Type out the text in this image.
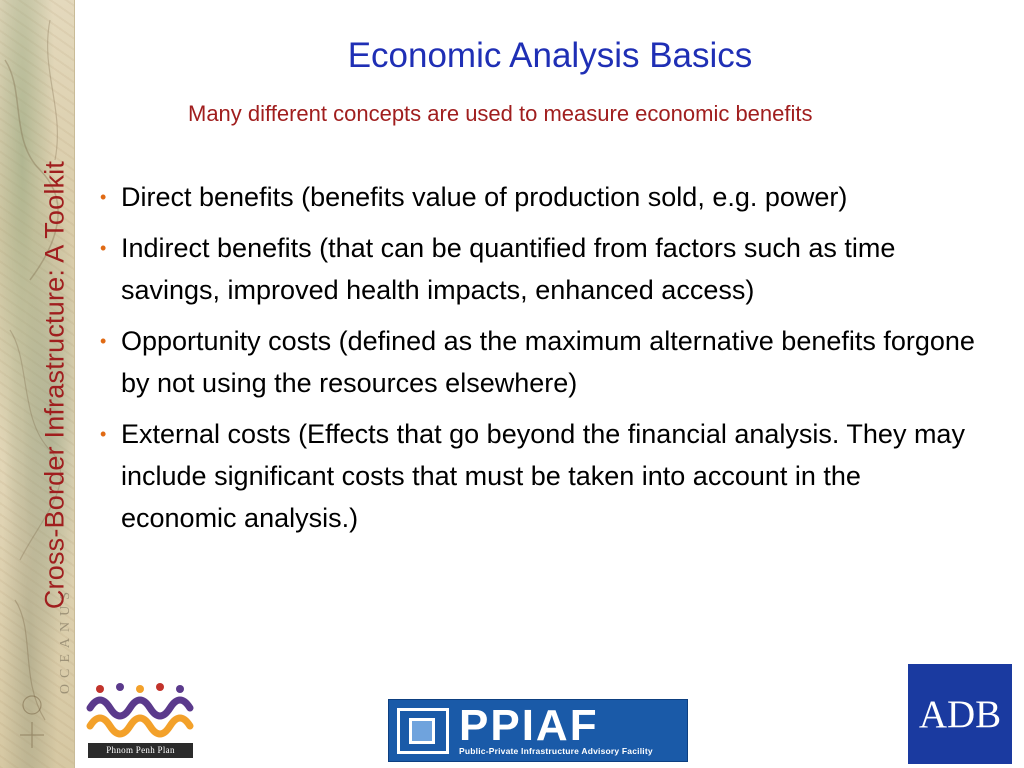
OCEANUS
Cross-Border Infrastructure: A Toolkit
Economic Analysis Basics
Many different concepts are used to measure economic benefits
• Direct benefits (benefits value of production sold, e.g. power)
• Indirect benefits (that can be quantified from factors such as time savings, improved health impacts, enhanced access)
• Opportunity costs (defined as the maximum alternative benefits forgone by not using the resources elsewhere)
• External costs (Effects that go beyond the financial analysis. They may include significant costs that must be taken into account in the economic analysis.)
Phnom Penh Plan	PPIAF
Public-Private Infrastructure Advisory Facility
ADB
